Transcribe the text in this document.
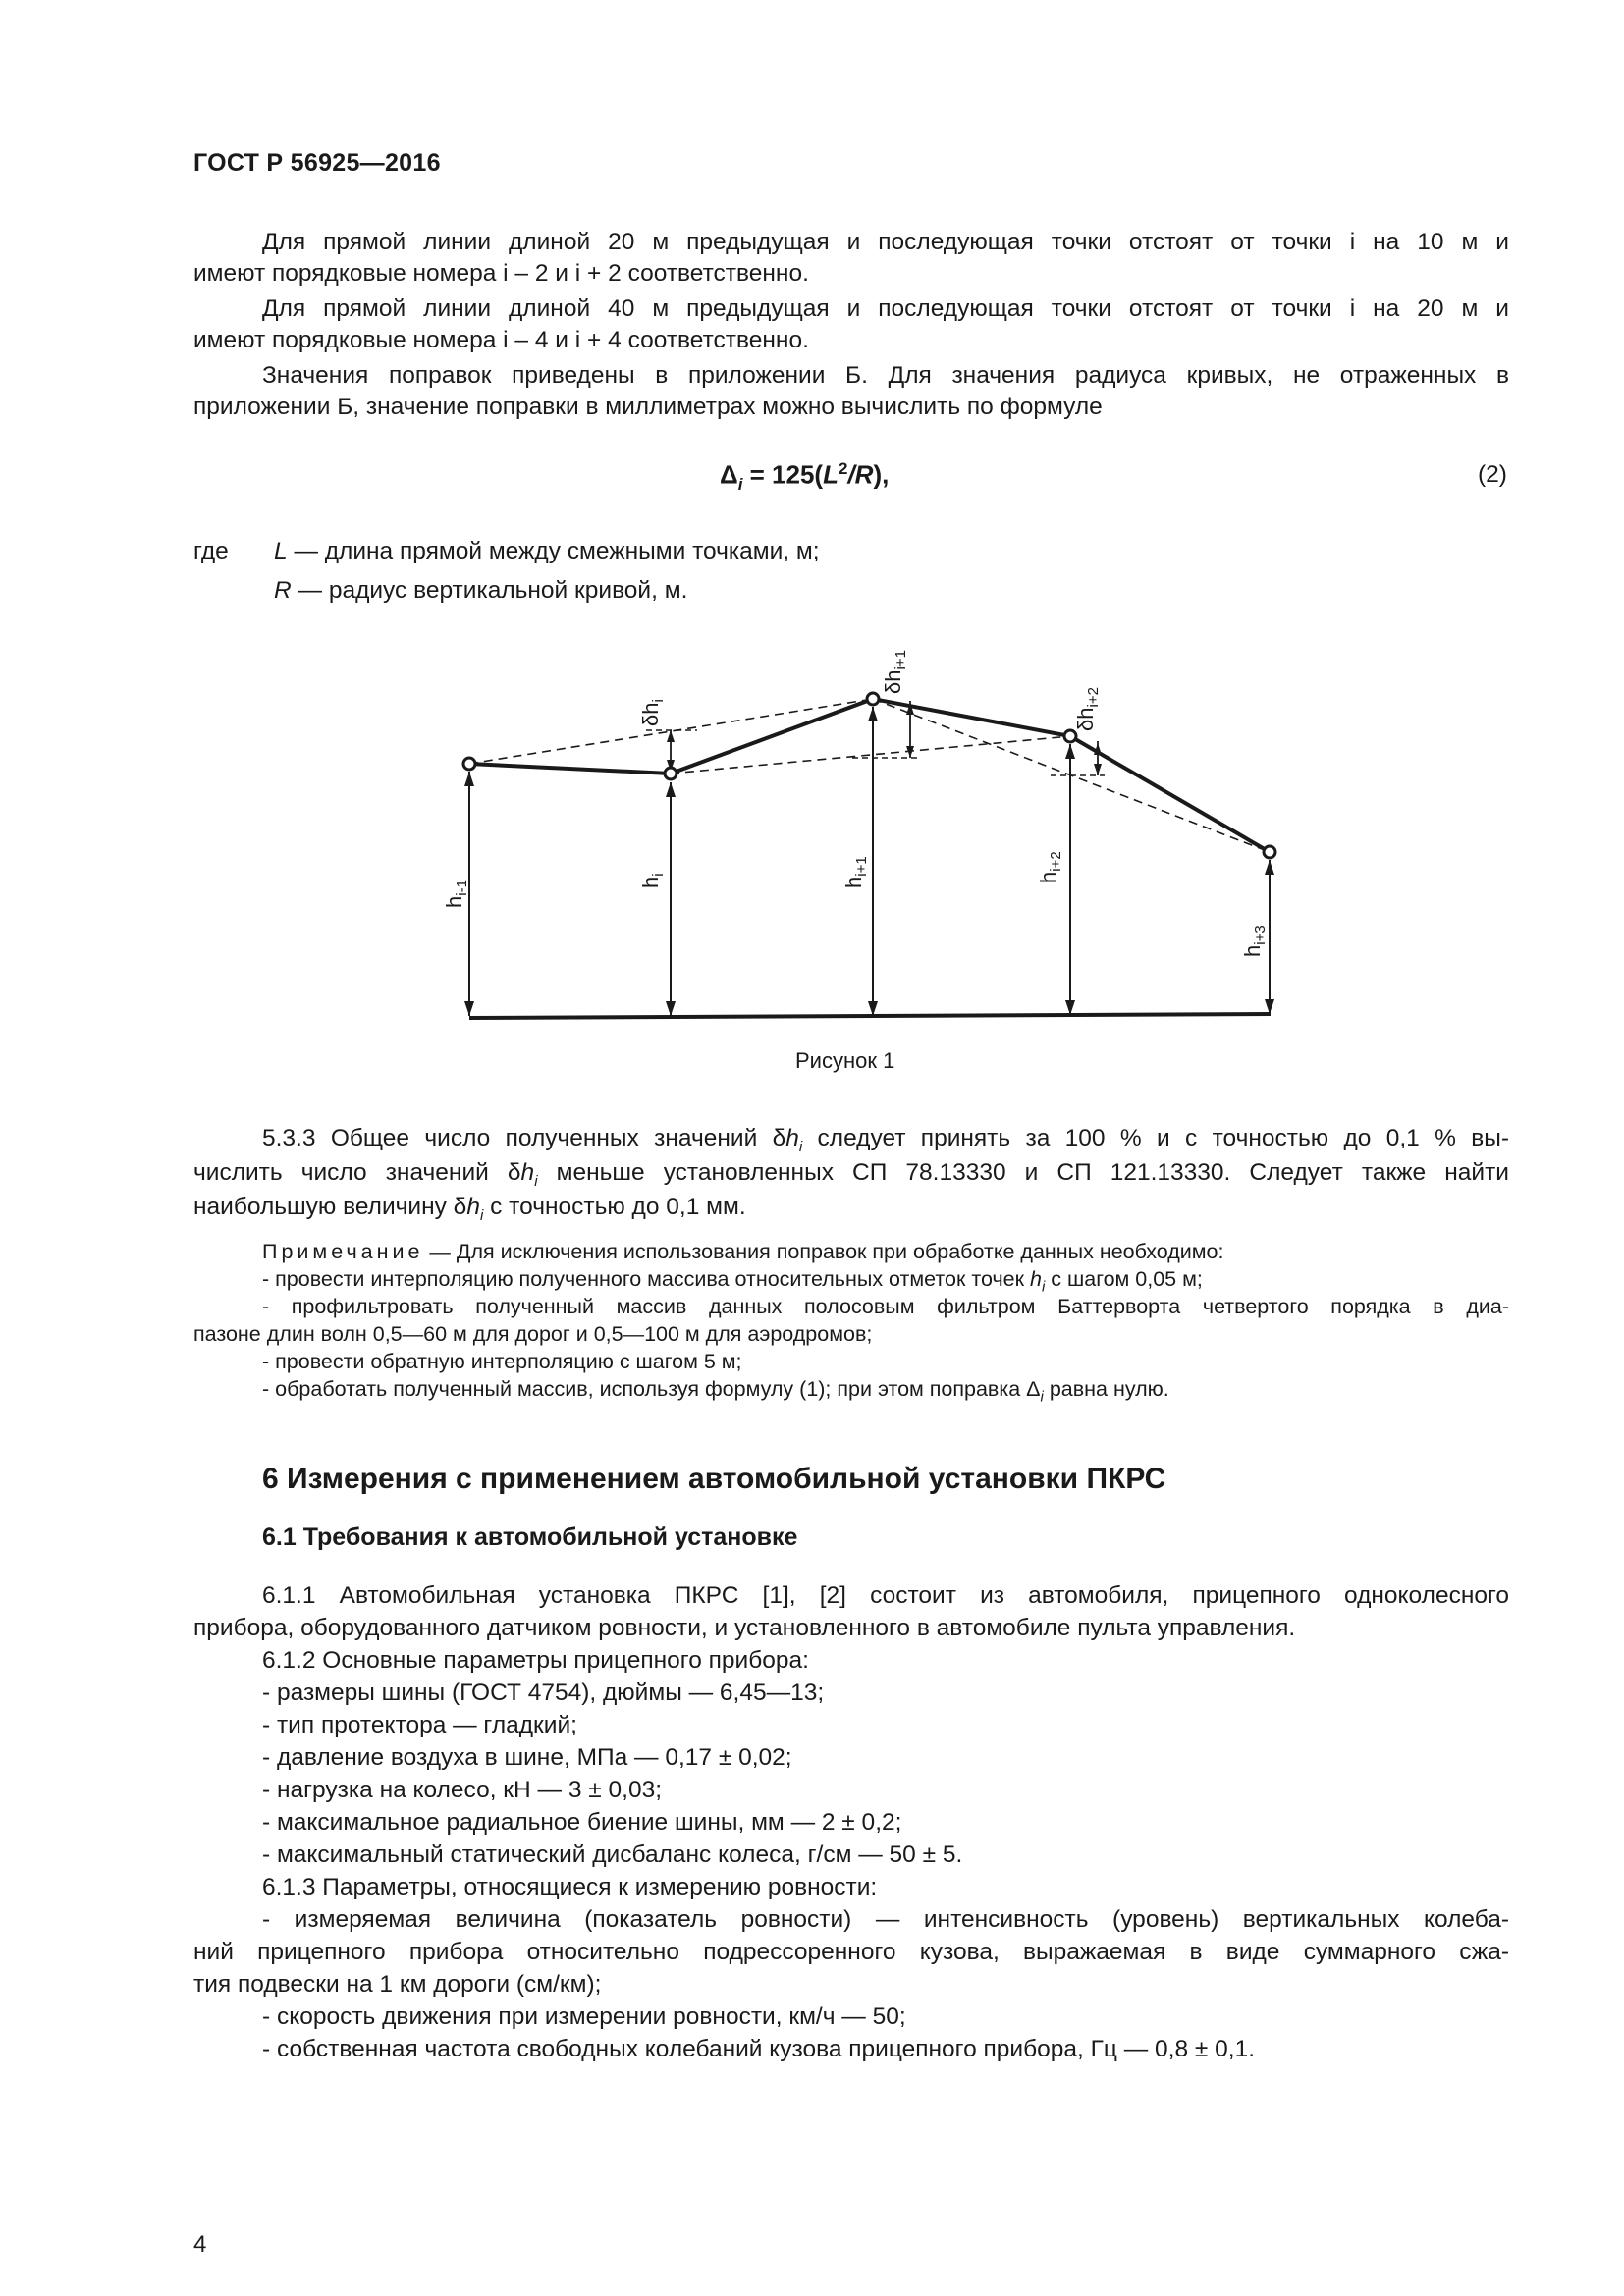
ГОСТ Р 56925—2016
Для прямой линии длиной 20 м предыдущая и последующая точки отстоят от точки i на 10 м и
имеют порядковые номера i – 2 и i + 2 соответственно.
Для прямой линии длиной 40 м предыдущая и последующая точки отстоят от точки i на 20 м и
имеют порядковые номера i – 4 и i + 4 соответственно.
Значения поправок приведены в приложении Б. Для значения радиуса кривых, не отраженных в
приложении Б, значение поправки в миллиметрах можно вычислить по формуле
$\Delta_i = 125(L^2/R)$,	(2)
где L — длина прямой между смежными точками, м;
R — радиус вертикальной кривой, м.
$h_{i-1}$	$h_i$
$h_{i+1}$
$h_{i+2}$
$h_{i+3}$
$\delta h_i$
$\delta h_{i+1}$
$\delta h_{i+2}$
Рисунок 1
5.3.3 Общее число полученных значений $\delta h_i$ следует принять за 100 % и с точностью до 0,1 % вы-
числить число значений $\delta h_i$ меньше установленных СП 78.13330 и СП 121.13330. Следует также найти
наибольшую величину $\delta h_i$ с точностью до 0,1 мм.
Примечание — Для исключения использования поправок при обработке данных необходимо:
- провести интерполяцию полученного массива относительных отметок точек $h_i$ с шагом 0,05 м;
- профильтровать полученный массив данных полосовым фильтром Баттерворта четвертого порядка в диа-
пазоне длин волн 0,5—60 м для дорог и 0,5—100 м для аэродромов;
- провести обратную интерполяцию с шагом 5 м;
- обработать полученный массив, используя формулу (1); при этом поправка $\Delta_i$ равна нулю.
6 Измерения с применением автомобильной установки ПКРС
6.1 Требования к автомобильной установке
6.1.1 Автомобильная установка ПКРС [1], [2] состоит из автомобиля, прицепного одноколесного
прибора, оборудованного датчиком ровности, и установленного в автомобиле пульта управления.
6.1.2 Основные параметры прицепного прибора:
- размеры шины (ГОСТ 4754), дюймы — 6,45—13;
- тип протектора — гладкий;
- давление воздуха в шине, МПа — 0,17 ± 0,02;
- нагрузка на колесо, кН — 3 ± 0,03;
- максимальное радиальное биение шины, мм — 2 ± 0,2;
- максимальный статический дисбаланс колеса, г/см — 50 ± 5.
6.1.3 Параметры, относящиеся к измерению ровности:
- измеряемая величина (показатель ровности) — интенсивность (уровень) вертикальных колеба-
ний прицепного прибора относительно подрессоренного кузова, выражаемая в виде суммарного сжа-
тия подвески на 1 км дороги (см/км);
- скорость движения при измерении ровности, км/ч — 50;
- собственная частота свободных колебаний кузова прицепного прибора, Гц — 0,8 ± 0,1.
4
